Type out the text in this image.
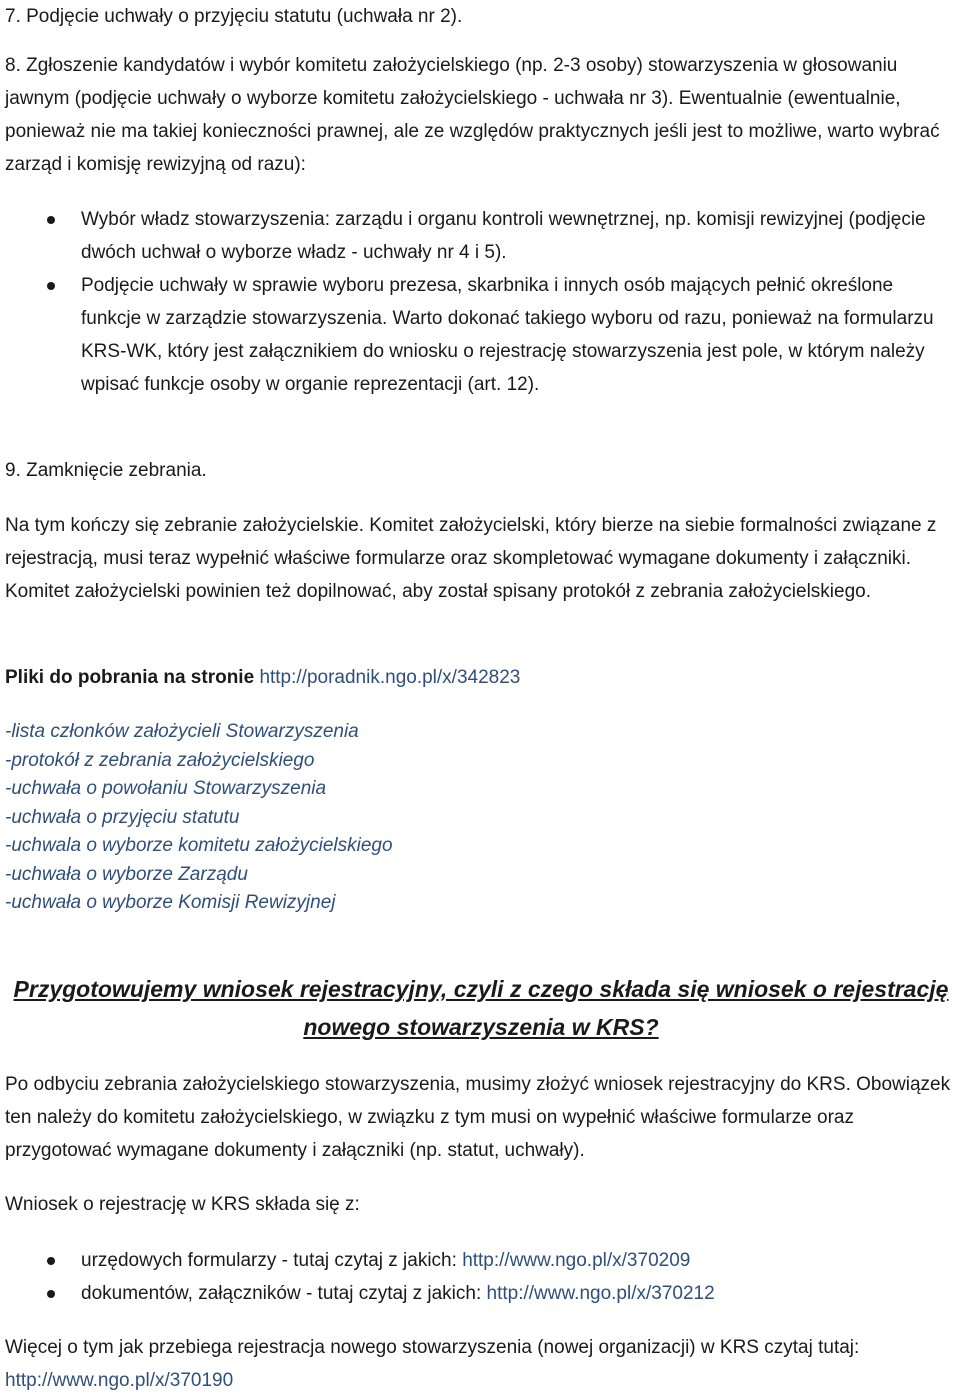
7. Podjęcie uchwały o przyjęciu statutu (uchwała nr 2).
8. Zgłoszenie kandydatów i wybór komitetu założycielskiego (np. 2-3 osoby) stowarzyszenia w głosowaniu jawnym (podjęcie uchwały o wyborze komitetu założycielskiego - uchwała nr 3). Ewentualnie (ewentualnie, ponieważ nie ma takiej konieczności prawnej, ale ze względów praktycznych jeśli jest to możliwe, warto wybrać zarząd i komisję rewizyjną od razu):
Wybór władz stowarzyszenia: zarządu i organu kontroli wewnętrznej, np. komisji rewizyjnej (podjęcie dwóch uchwał o wyborze władz - uchwały nr 4 i 5).
Podjęcie uchwały w sprawie wyboru prezesa, skarbnika i innych osób mających pełnić określone funkcje w zarządzie stowarzyszenia. Warto dokonać takiego wyboru od razu, ponieważ na formularzu KRS-WK, który jest załącznikiem do wniosku o rejestrację stowarzyszenia jest pole, w którym należy wpisać funkcje osoby w organie reprezentacji (art. 12).
9. Zamknięcie zebrania.
Na tym kończy się zebranie założycielskie. Komitet założycielski, który bierze na siebie formalności związane z rejestracją, musi teraz wypełnić właściwe formularze oraz skompletować wymagane dokumenty i załączniki. Komitet założycielski powinien też dopilnować, aby został spisany protokół z zebrania założycielskiego.
Pliki do pobrania na stronie http://poradnik.ngo.pl/x/342823
-lista członków założycieli Stowarzyszenia
-protokół z zebrania założycielskiego
-uchwała o powołaniu Stowarzyszenia
-uchwała o przyjęciu statutu
-uchwala o wyborze komitetu założycielskiego
-uchwała o wyborze Zarządu
-uchwała o wyborze Komisji Rewizyjnej
Przygotowujemy wniosek rejestracyjny, czyli z czego składa się wniosek o rejestrację nowego stowarzyszenia w KRS?
Po odbyciu zebrania założycielskiego stowarzyszenia, musimy złożyć wniosek rejestracyjny do KRS. Obowiązek ten należy do komitetu założycielskiego, w związku z tym musi on wypełnić właściwe formularze oraz przygotować wymagane dokumenty i załączniki (np. statut, uchwały).
Wniosek o rejestrację w KRS składa się z:
urzędowych formularzy - tutaj czytaj z jakich: http://www.ngo.pl/x/370209
dokumentów, załączników - tutaj czytaj z jakich: http://www.ngo.pl/x/370212
Więcej o tym jak przebiega rejestracja nowego stowarzyszenia (nowej organizacji) w KRS czytaj tutaj: http://www.ngo.pl/x/370190
